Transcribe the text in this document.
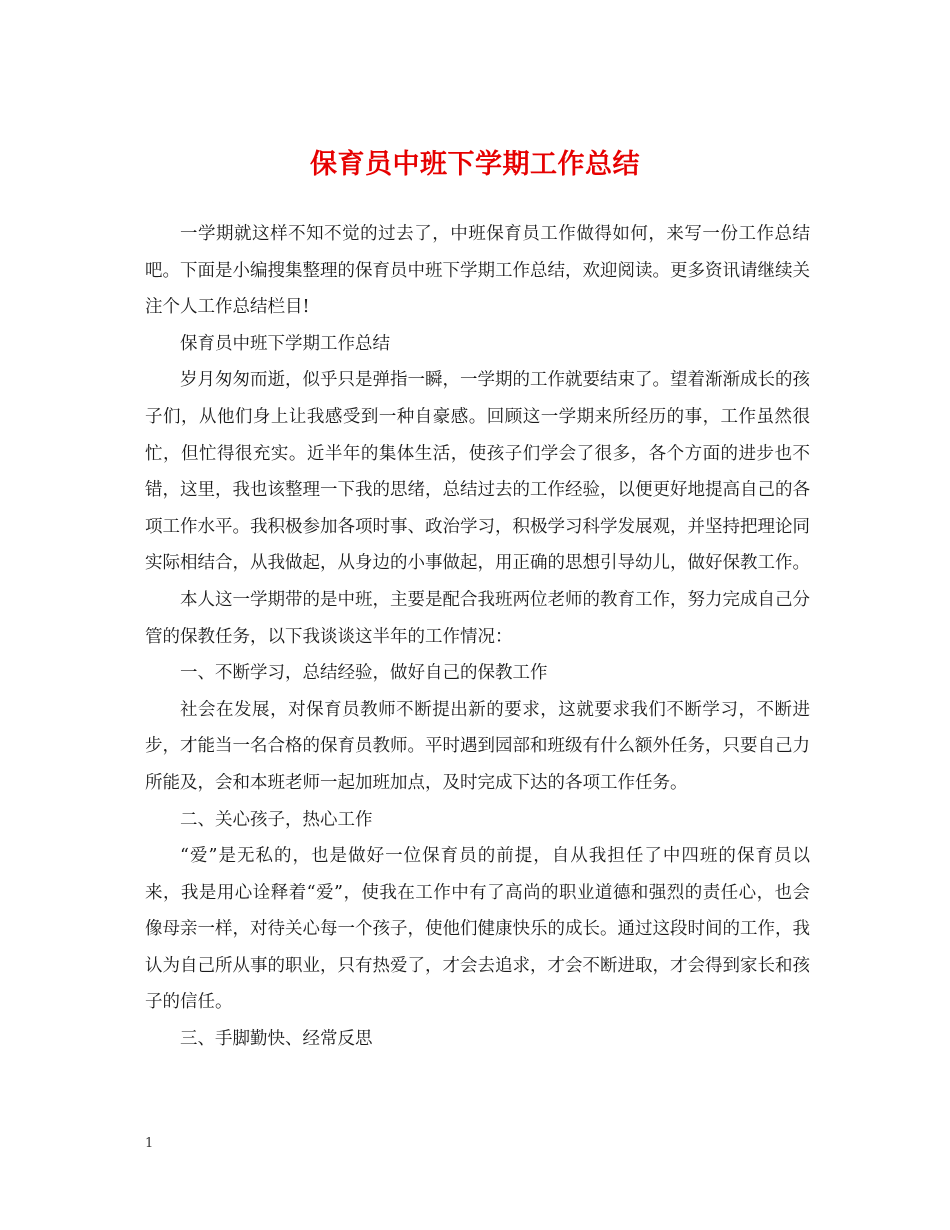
保育员中班下学期工作总结

一学期就这样不知不觉的过去了，中班保育员工作做得如何，来写一份工作总结吧。下面是小编搜集整理的保育员中班下学期工作总结，欢迎阅读。更多资讯请继续关注个人工作总结栏目!

保育员中班下学期工作总结

岁月匆匆而逝，似乎只是弹指一瞬，一学期的工作就要结束了。望着渐渐成长的孩子们，从他们身上让我感受到一种自豪感。回顾这一学期来所经历的事，工作虽然很忙，但忙得很充实。近半年的集体生活，使孩子们学会了很多，各个方面的进步也不错，这里，我也该整理一下我的思绪，总结过去的工作经验，以便更好地提高自己的各项工作水平。我积极参加各项时事、政治学习，积极学习科学发展观，并坚持把理论同实际相结合，从我做起，从身边的小事做起，用正确的思想引导幼儿，做好保教工作。

本人这一学期带的是中班，主要是配合我班两位老师的教育工作，努力完成自己分管的保教任务，以下我谈谈这半年的工作情况：

一、不断学习，总结经验，做好自己的保教工作

社会在发展，对保育员教师不断提出新的要求，这就要求我们不断学习，不断进步，才能当一名合格的保育员教师。平时遇到园部和班级有什么额外任务，只要自己力所能及，会和本班老师一起加班加点，及时完成下达的各项工作任务。

二、关心孩子，热心工作

“爱”是无私的，也是做好一位保育员的前提，自从我担任了中四班的保育员以来，我是用心诠释着“爱”，使我在工作中有了高尚的职业道德和强烈的责任心，也会像母亲一样，对待关心每一个孩子，使他们健康快乐的成长。通过这段时间的工作，我认为自己所从事的职业，只有热爱了，才会去追求，才会不断进取，才会得到家长和孩子的信任。

三、手脚勤快、经常反思

1
